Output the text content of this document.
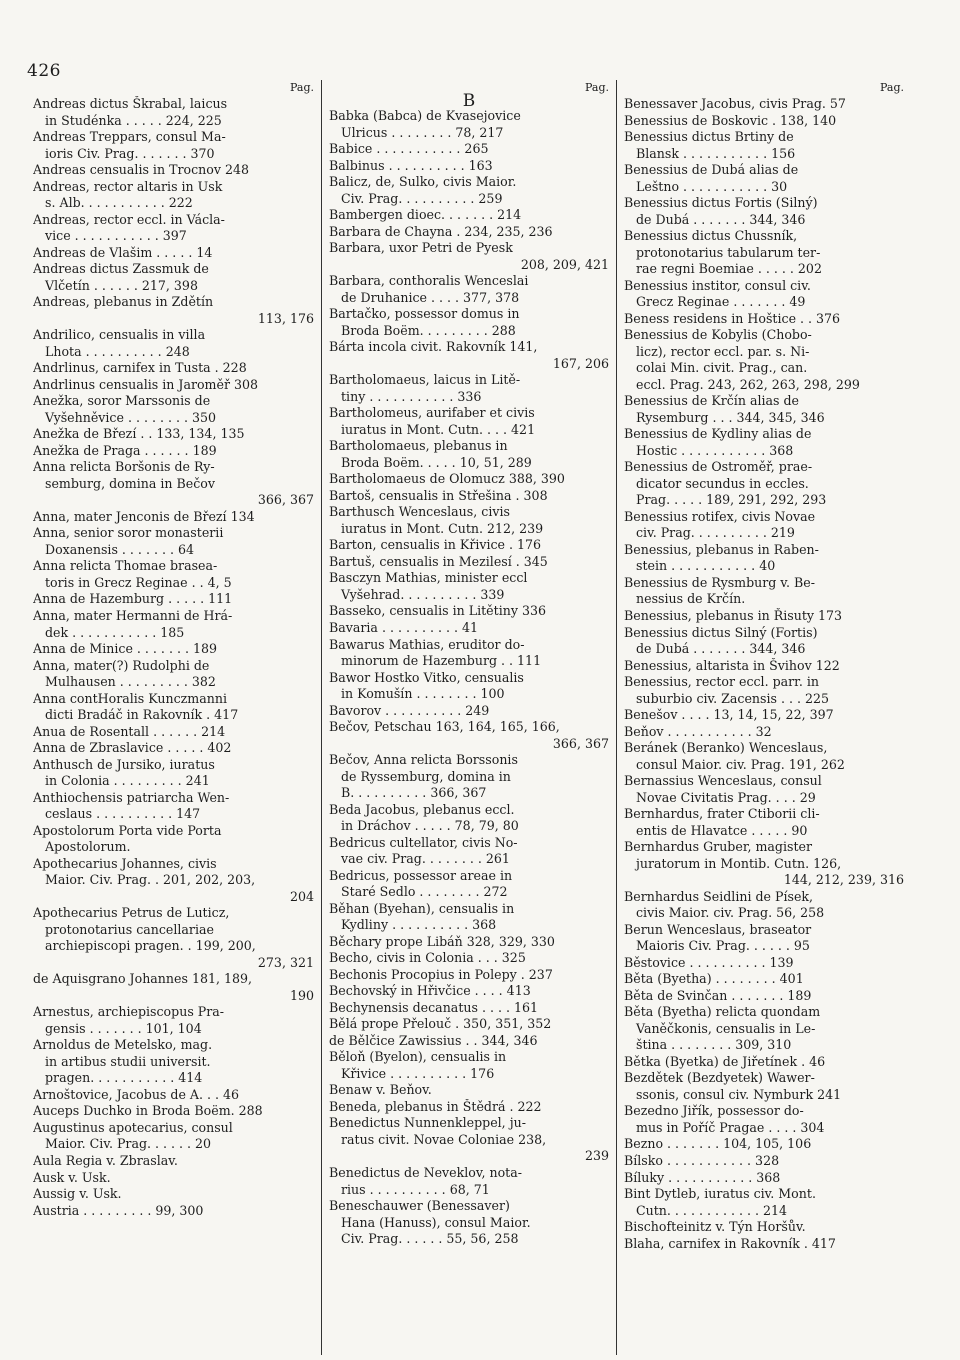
426
Pag.
Andreas dictus Škrabal, laicus
in Studénka . . . . . 224, 225
Andreas Treppars, consul Ma-
ioris Civ. Prag. . . . . . . 370
Andreas censualis in Trocnov 248
Andreas, rector altaris in Usk
s. Alb. . . . . . . . . . . 222
Andreas, rector eccl. in Václa-
vice . . . . . . . . . . . 397
Andreas de Vlašim . . . . . 14
Andreas dictus Zassmuk de
Vlčetín . . . . . . 217, 398
Andreas, plebanus in Zdětín
113, 176
Andrilico, censualis in villa
Lhota . . . . . . . . . . 248
Andrlinus, carnifex in Tusta . 228
Andrlinus censualis in Jaroměř 308
Anežka, soror Marssonis de
Vyšehněvice . . . . . . . . 350
Anežka de Březí . . 133, 134, 135
Anežka de Praga . . . . . . 189
Anna relicta Boršonis de Ry-
semburg, domina in Bečov
366, 367
Anna, mater Jenconis de Březí 134
Anna, senior soror monasterii
Doxanensis . . . . . . . 64
Anna relicta Thomae brasea-
toris in Grecz Reginae . . 4, 5
Anna de Hazemburg . . . . . 111
Anna, mater Hermanni de Hrá-
dek . . . . . . . . . . . 185
Anna de Minice . . . . . . . 189
Anna, mater(?) Rudolphi de
Mulhausen . . . . . . . . . 382
Anna contHoralis Kunczmanni
dicti Bradáč in Rakovník . 417
Anua de Rosentall . . . . . . 214
Anna de Zbraslavice . . . . . 402
Anthusch de Jursiko, iuratus
in Colonia . . . . . . . . . 241
Anthiochensis patriarcha Wen-
ceslaus . . . . . . . . . . 147
Apostolorum Porta vide Porta
Apostolorum.
Apothecarius Johannes, civis
Maior. Civ. Prag. . 201, 202, 203,
204
Apothecarius Petrus de Luticz,
protonotarius cancellariae
archiepiscopi pragen. . 199, 200,
273, 321
de Aquisgrano Johannes 181, 189,
190
Arnestus, archiepiscopus Pra-
gensis . . . . . . . 101, 104
Arnoldus de Metelsko, mag.
in artibus studii universit.
pragen. . . . . . . . . . . 414
Arnoštovice, Jacobus de A. . . 46
Auceps Duchko in Broda Boëm. 288
Augustinus apotecarius, consul
Maior. Civ. Prag. . . . . . 20
Aula Regia v. Zbraslav.
Ausk v. Usk.
Aussig v. Usk.
Austria . . . . . . . . . 99, 300
Pag.
B
Babka (Babca) de Kvasejovice
Ulricus . . . . . . . . 78, 217
Babice . . . . . . . . . . . 265
Balbinus . . . . . . . . . . 163
Balicz, de, Sulko, civis Maior.
Civ. Prag. . . . . . . . . . 259
Bambergen dioec. . . . . . . 214
Barbara de Chayna . 234, 235, 236
Barbara, uxor Petri de Pyesk
208, 209, 421
Barbara, conthoralis Wenceslai
de Druhanice . . . . 377, 378
Bartačko, possessor domus in
Broda Boëm. . . . . . . . . 288
Bárta incola civit. Rakovník 141,
167, 206
Bartholomaeus, laicus in Litě-
tiny . . . . . . . . . . . 336
Bartholomeus, aurifaber et civis
iuratus in Mont. Cutn. . . . 421
Bartholomaeus, plebanus in
Broda Boëm. . . . . 10, 51, 289
Bartholomaeus de Olomucz 388, 390
Bartoš, censualis in Střešina . 308
Barthusch Wenceslaus, civis
iuratus in Mont. Cutn. 212, 239
Barton, censualis in Křivice . 176
Bartuš, censualis in Mezilesí . 345
Basczyn Mathias, minister eccl
Vyšehrad. . . . . . . . . . 339
Basseko, censualis in Litětiny 336
Bavaria . . . . . . . . . . 41
Bawarus Mathias, eruditor do-
minorum de Hazemburg . . 111
Bawor Hostko Vitko, censualis
in Komušín . . . . . . . . 100
Bavorov . . . . . . . . . . 249
Bečov, Petschau 163, 164, 165, 166,
366, 367
Bečov, Anna relicta Borssonis
de Ryssemburg, domina in
B. . . . . . . . . . 366, 367
Beda Jacobus, plebanus eccl.
in Dráchov . . . . . 78, 79, 80
Bedricus cultellator, civis No-
vae civ. Prag. . . . . . . . 261
Bedricus, possessor areae in
Staré Sedlo . . . . . . . . 272
Běhan (Byehan), censualis in
Kydliny . . . . . . . . . . 368
Běchary prope Libáň 328, 329, 330
Becho, civis in Colonia . . . 325
Bechonis Procopius in Polepy . 237
Bechovský in Hřivčice . . . . 413
Bechynensis decanatus . . . . 161
Bělá prope Přelouč . 350, 351, 352
de Bělčice Zawissius . . 344, 346
Běloň (Byelon), censualis in
Křivice . . . . . . . . . . 176
Benaw v. Beňov.
Beneda, plebanus in Štědrá . 222
Benedictus Nunnenkleppel, ju-
ratus civit. Novae Coloniae 238,
239
Benedictus de Neveklov, nota-
rius . . . . . . . . . . 68, 71
Beneschauwer (Benessaver)
Hana (Hanuss), consul Maior.
Civ. Prag. . . . . . 55, 56, 258
Pag.
Benessaver Jacobus, civis Prag. 57
Benessius de Boskovic . 138, 140
Benessius dictus Brtiny de
Blansk . . . . . . . . . . . 156
Benessius de Dubá alias de
Leštno . . . . . . . . . . . 30
Benessius dictus Fortis (Silný)
de Dubá . . . . . . . 344, 346
Benessius dictus Chussník,
protonotarius tabularum ter-
rae regni Boemiae . . . . . 202
Benessius institor, consul civ.
Grecz Reginae . . . . . . . 49
Beness residens in Hoštice . . 376
Benessius de Kobylis (Chobo-
licz), rector eccl. par. s. Ni-
colai Min. civit. Prag., can.
eccl. Prag. 243, 262, 263, 298, 299
Benessius de Krčín alias de
Rysemburg . . . 344, 345, 346
Benessius de Kydliny alias de
Hostic . . . . . . . . . . . 368
Benessius de Ostroměř, prae-
dicator secundus in eccles.
Prag. . . . . 189, 291, 292, 293
Benessius rotifex, civis Novae
civ. Prag. . . . . . . . . . 219
Benessius, plebanus in Raben-
stein . . . . . . . . . . . 40
Benessius de Rysmburg v. Be-
nessius de Krčín.
Benessius, plebanus in Řisuty 173
Benessius dictus Silný (Fortis)
de Dubá . . . . . . . 344, 346
Benessius, altarista in Švihov 122
Benessius, rector eccl. parr. in
suburbio civ. Zacensis . . . 225
Benešov . . . . 13, 14, 15, 22, 397
Beňov . . . . . . . . . . . 32
Beránek (Beranko) Wenceslaus,
consul Maior. civ. Prag. 191, 262
Bernassius Wenceslaus, consul
Novae Civitatis Prag. . . . 29
Bernhardus, frater Ctiborii cli-
entis de Hlavatce . . . . . 90
Bernhardus Gruber, magister
juratorum in Montib. Cutn. 126,
144, 212, 239, 316
Bernhardus Seidlini de Písek,
civis Maior. civ. Prag. 56, 258
Berun Wenceslaus, braseator
Maioris Civ. Prag. . . . . . 95
Běstovice . . . . . . . . . . 139
Běta (Byetha) . . . . . . . . 401
Běta de Svinčan . . . . . . . 189
Běta (Byetha) relicta quondam
Vaněčkonis, censualis in Le-
ština . . . . . . . . 309, 310
Bětka (Byetka) de Jiřetínek . 46
Bezdětek (Bezdyetek) Wawer-
ssonis, consul civ. Nymburk 241
Bezedno Jiřík, possessor do-
mus in Poříč Pragae . . . . 304
Bezno . . . . . . . 104, 105, 106
Bílsko . . . . . . . . . . . 328
Bíluky . . . . . . . . . . . 368
Bint Dytleb, iuratus civ. Mont.
Cutn. . . . . . . . . . . . 214
Bischofteinitz v. Týn Horšův.
Blaha, carnifex in Rakovník . 417
